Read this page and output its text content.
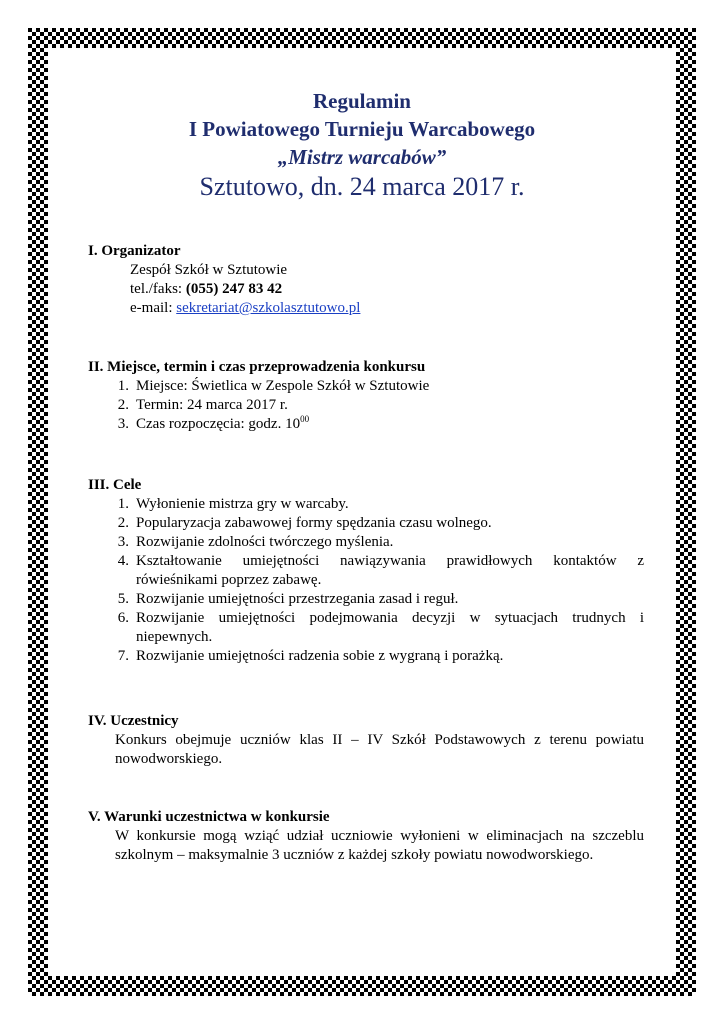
Regulamin
I Powiatowego Turnieju Warcabowego
„Mistrz warcabów”
Sztutowo, dn. 24 marca 2017 r.
I. Organizator
Zespół Szkół w Sztutowie
tel./faks: (055) 247 83 42
e-mail: sekretariat@szkolasztutowo.pl
II. Miejsce, termin i czas przeprowadzenia konkursu
1. Miejsce: Świetlica w Zespole Szkół w Sztutowie
2. Termin: 24 marca 2017 r.
3. Czas rozpoczęcia: godz. $10^{00}$
III. Cele
1. Wyłonienie mistrza gry w warcaby.
2. Popularyzacja zabawowej formy spędzania czasu wolnego.
3. Rozwijanie zdolności twórczego myślenia.
4. Kształtowanie umiejętności nawiązywania prawidłowych kontaktów z rówieśnikami poprzez zabawę.
5. Rozwijanie umiejętności przestrzegania zasad i reguł.
6. Rozwijanie umiejętności podejmowania decyzji w sytuacjach trudnych i niepewnych.
7. Rozwijanie umiejętności radzenia sobie z wygraną i porażką.
IV. Uczestnicy
Konkurs obejmuje uczniów klas II – IV Szkół Podstawowych z terenu powiatu nowodworskiego.
V. Warunki uczestnictwa w konkursie
W konkursie mogą wziąć udział uczniowie wyłonieni w eliminacjach na szczeblu szkolnym – maksymalnie 3 uczniów z każdej szkoły powiatu nowodworskiego.
